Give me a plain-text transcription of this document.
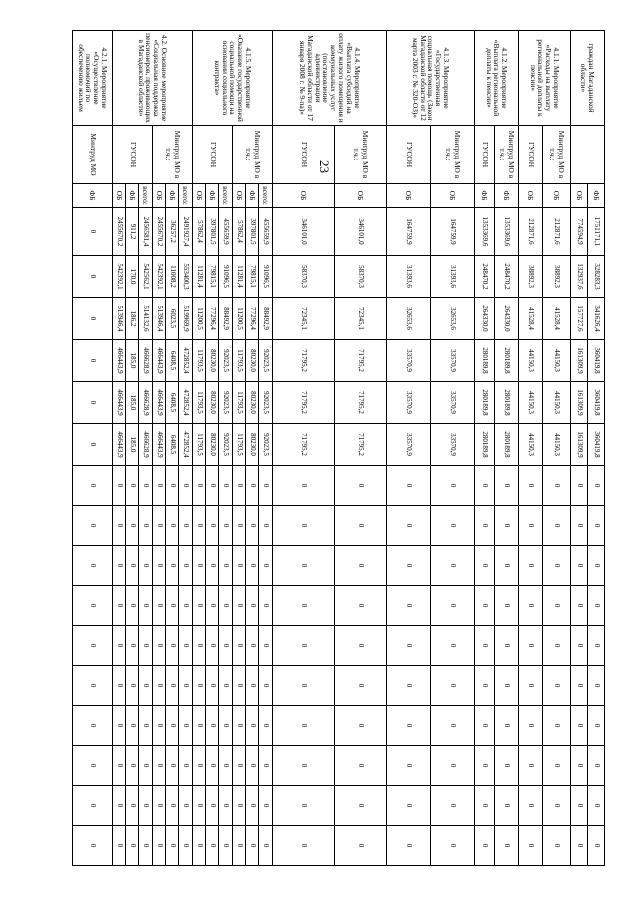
23
граждан Магаданской области»		ФБ	1751171,1	328283,3	341626,4	360419,8	360419,8	360419,8	0	0	0	0	0	0	0	0	0	0
		ОБ	774594,9	132937,6	157727,6	161309,9	161309,9	161309,9	0	0	0	0	0	0	0	0	0	0
4.1.1. Мероприятие «Расходы на выплату региональной доплаты к пенсии»	Минтруд МО в т.ч.:	ОБ	212871,6	38892,3	41528,4	44150,3	44150,3	44150,3	0	0	0	0	0	0	0	0	0	0
	ГУСОН	ОБ	212871,6	38892,3	41528,4	44150,3	44150,3	44150,3	0	0	0	0	0	0	0	0	0	0
4.1.2. Мероприятие «Выплата региональной доплаты к пенсии»	Минтруд МО в т.ч.:	ФБ	1353369,6	248470,2	264330,0	280189,8	280189,8	280189,8	0	0	0	0	0	0	0	0	0	0
	ГУСОН	ФБ	1353369,6	248470,2	264330,0	280189,8	280189,8	280189,8	0	0	0	0	0	0	0	0	0	0
4.1.3. Мероприятие «Государственная социальная помощь (Закон Магаданской области от 12 марта 2003 г. № 320-ОЗ)»	Минтруд МО в т.ч.:	ОБ	164759,9	31393,6	32653,6	33570,9	33570,9	33570,9	0	0	0	0	0	0	0	0	0	0
	ГУСОН	ОБ	164759,9	31393,6	32653,6	33570,9	33570,9	33570,9	0	0	0	0	0	0	0	0	0	0
4.1.4. Мероприятие «Выплата субсидий на оплату жилого помещения и коммунальных услуг (постановление администрации Магаданской области от 17 января 2008 г. № 9-па)»	Минтруд МО в т.ч.:	ОБ	346101,0	58370,3	72345,1	71795,2	71795,2	71795,2	0	0	0	0	0	0	0	0	0	0
	ГУСОН	ОБ	346101,0	58370,3	72345,1	71795,2	71795,2	71795,2	0	0	0	0	0	0	0	0	0	0
4.1.5. Мероприятие «Оказание государственной социальной помощи на основании социального контракта»	Минтруд МО в т.ч.:	всего:	455659,9	91096,5	88492,9	92023,5	92023,5	92023,5	0	0	0	0	0	0	0	0	0	0
		ФБ	397801,5	79815,1	77296,4	80230,0	80230,0	80230,0	0	0	0	0	0	0	0	0	0	0
		ОБ	57862,4	11281,4	11200,5	11793,5	11793,5	11793,5	0	0	0	0	0	0	0	0	0	0
	ГУСОН	всего:	455659,9	91096,5	88492,9	92023,5	92023,5	92023,5	0	0	0	0	0	0	0	0	0	0
		ФБ	397801,5	79815,1	77296,4	80230,0	80230,0	80230,0	0	0	0	0	0	0	0	0	0	0
		ОБ	57862,4	11281,4	11200,5	11793,5	11793,5	11793,5	0	0	0	0	0	0	0	0	0	0
4.2. Основное мероприятие «Социальная поддержка пенсионеров, проживающих в Магаданской области»	Минтруд МО в т.ч.:	всего:	2491927,4	553400,3	519969,9	472852,4	472852,4	472852,4	0	0	0	0	0	0	0	0	0	0
		ФБ	36257,2	11008,2	6023,5	6408,5	6408,5	6408,5	0	0	0	0	0	0	0	0	0	0
		ОБ	2455670,2	542392,1	513946,4	466443,9	466443,9	466443,9	0	0	0	0	0	0	0	0	0	0
	ГУСОН	всего:	2456581,4	542562,1	514132,6	466628,9	466628,9	466628,9	0	0	0	0	0	0	0	0	0	0
		ФБ	911,2	170,0	186,2	185,0	185,0	185,0	0	0	0	0	0	0	0	0	0	0
		ОБ	2455670,2	542392,1	513946,4	466443,9	466443,9	466443,9	0	0	0	0	0	0	0	0	0	0
4.2.1. Мероприятие «Осуществление полномочий по обеспечению жильем	Минтруд МО	ФБ	0	0	0	0	0	0	0	0	0	0	0	0	0	0	0	0
